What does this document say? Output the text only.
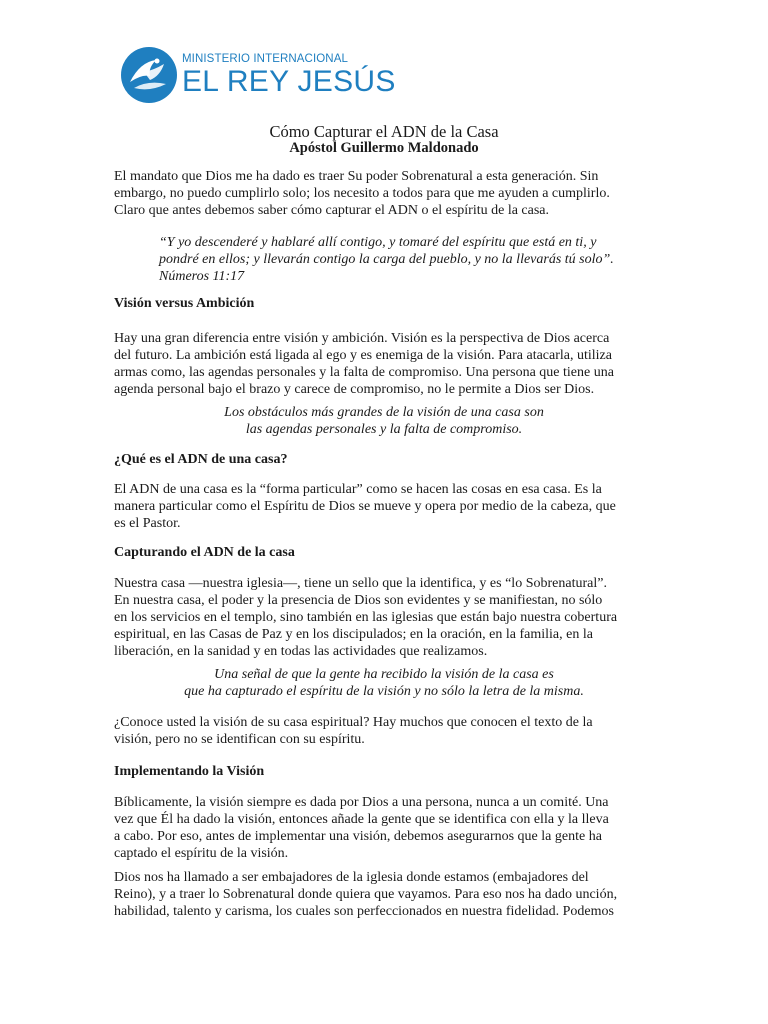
MINISTERIO INTERNACIONAL
EL REY JESÚS
Cómo Capturar el ADN de la Casa
Apóstol Guillermo Maldonado
El mandato que Dios me ha dado es traer Su poder Sobrenatural a esta generación. Sin
embargo, no puedo cumplirlo solo; los necesito a todos para que me ayuden a cumplirlo.
Claro que antes debemos saber cómo capturar el ADN o el espíritu de la casa.
“Y yo descenderé y hablaré allí contigo, y tomaré del espíritu que está en ti, y
pondré en ellos; y llevarán contigo la carga del pueblo, y no la llevarás tú solo”.
Números 11:17
Visión versus Ambición
Hay una gran diferencia entre visión y ambición. Visión es la perspectiva de Dios acerca
del futuro. La ambición está ligada al ego y es enemiga de la visión. Para atacarla, utiliza
armas como, las agendas personales y la falta de compromiso. Una persona que tiene una
agenda personal bajo el brazo y carece de compromiso, no le permite a Dios ser Dios.
Los obstáculos más grandes de la visión de una casa son
las agendas personales y la falta de compromiso.
¿Qué es el ADN de una casa?
El ADN de una casa es la “forma particular” como se hacen las cosas en esa casa. Es la
manera particular como el Espíritu de Dios se mueve y opera por medio de la cabeza, que
es el Pastor.
Capturando el ADN de la casa
Nuestra casa —nuestra iglesia—, tiene un sello que la identifica, y es “lo Sobrenatural”.
En nuestra casa, el poder y la presencia de Dios son evidentes y se manifiestan, no sólo
en los servicios en el templo, sino también en las iglesias que están bajo nuestra cobertura
espiritual, en las Casas de Paz y en los discipulados; en la oración, en la familia, en la
liberación, en la sanidad y en todas las actividades que realizamos.
Una señal de que la gente ha recibido la visión de la casa es
que ha capturado el espíritu de la visión y no sólo la letra de la misma.
¿Conoce usted la visión de su casa espiritual? Hay muchos que conocen el texto de la
visión, pero no se identifican con su espíritu.
Implementando la Visión
Bíblicamente, la visión siempre es dada por Dios a una persona, nunca a un comité. Una
vez que Él ha dado la visión, entonces añade la gente que se identifica con ella y la lleva
a cabo. Por eso, antes de implementar una visión, debemos asegurarnos que la gente ha
captado el espíritu de la visión.
Dios nos ha llamado a ser embajadores de la iglesia donde estamos (embajadores del
Reino), y a traer lo Sobrenatural donde quiera que vayamos. Para eso nos ha dado unción,
habilidad, talento y carisma, los cuales son perfeccionados en nuestra fidelidad. Podemos
